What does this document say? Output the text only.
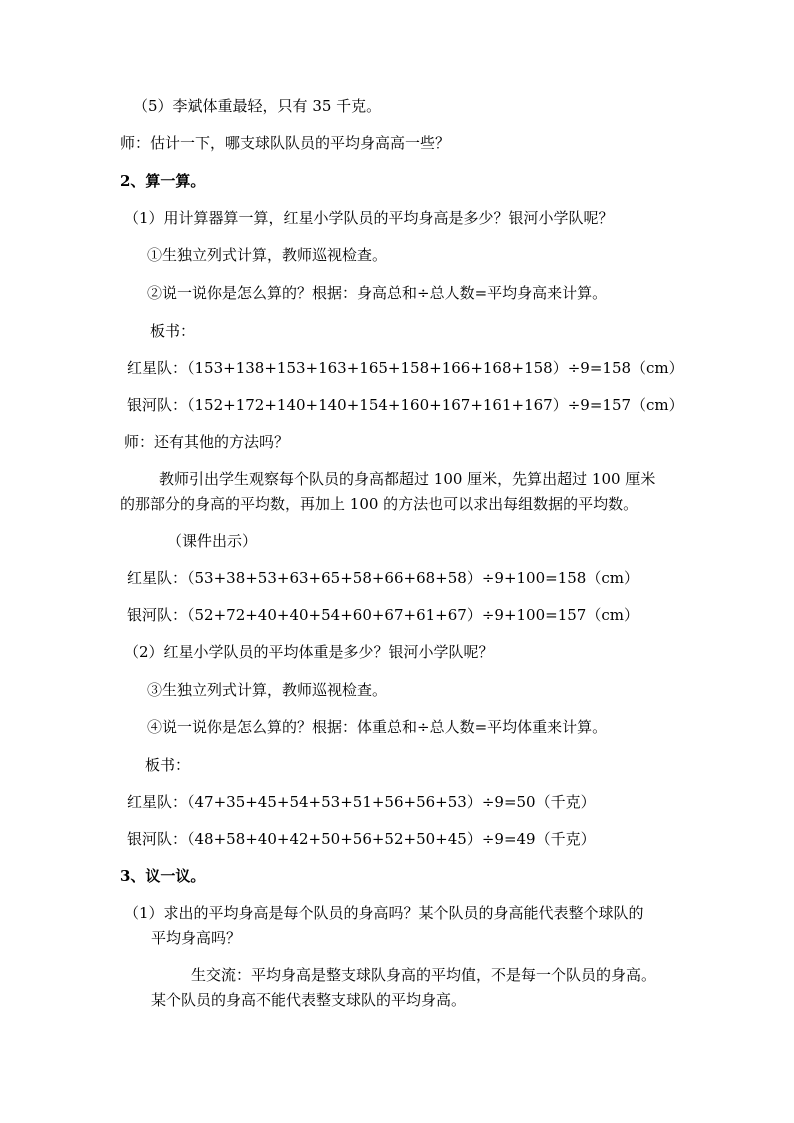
（5）李斌体重最轻，只有 35 千克。
师：估计一下，哪支球队队员的平均身高高一些？
2、算一算。
（1）用计算器算一算，红星小学队员的平均身高是多少？银河小学队呢？
①生独立列式计算，教师巡视检查。
②说一说你是怎么算的？根据：身高总和÷总人数=平均身高来计算。
板书：
红星队：（153+138+153+163+165+158+166+168+158）÷9=158（cm）
银河队：（152+172+140+140+154+160+167+161+167）÷9=157（cm）
师：还有其他的方法吗？
教师引出学生观察每个队员的身高都超过 100 厘米，先算出超过 100 厘米
的那部分的身高的平均数，再加上 100 的方法也可以求出每组数据的平均数。
（课件出示）
红星队：（53+38+53+63+65+58+66+68+58）÷9+100=158（cm）
银河队：（52+72+40+40+54+60+67+61+67）÷9+100=157（cm）
（2）红星小学队员的平均体重是多少？银河小学队呢？
③生独立列式计算，教师巡视检查。
④说一说你是怎么算的？根据：体重总和÷总人数=平均体重来计算。
板书：
红星队：（47+35+45+54+53+51+56+56+53）÷9=50（千克）
银河队：（48+58+40+42+50+56+52+50+45）÷9=49（千克）
3、议一议。
（1）求出的平均身高是每个队员的身高吗？某个队员的身高能代表整个球队的
平均身高吗？
生交流：平均身高是整支球队身高的平均值，不是每一个队员的身高。
某个队员的身高不能代表整支球队的平均身高。
